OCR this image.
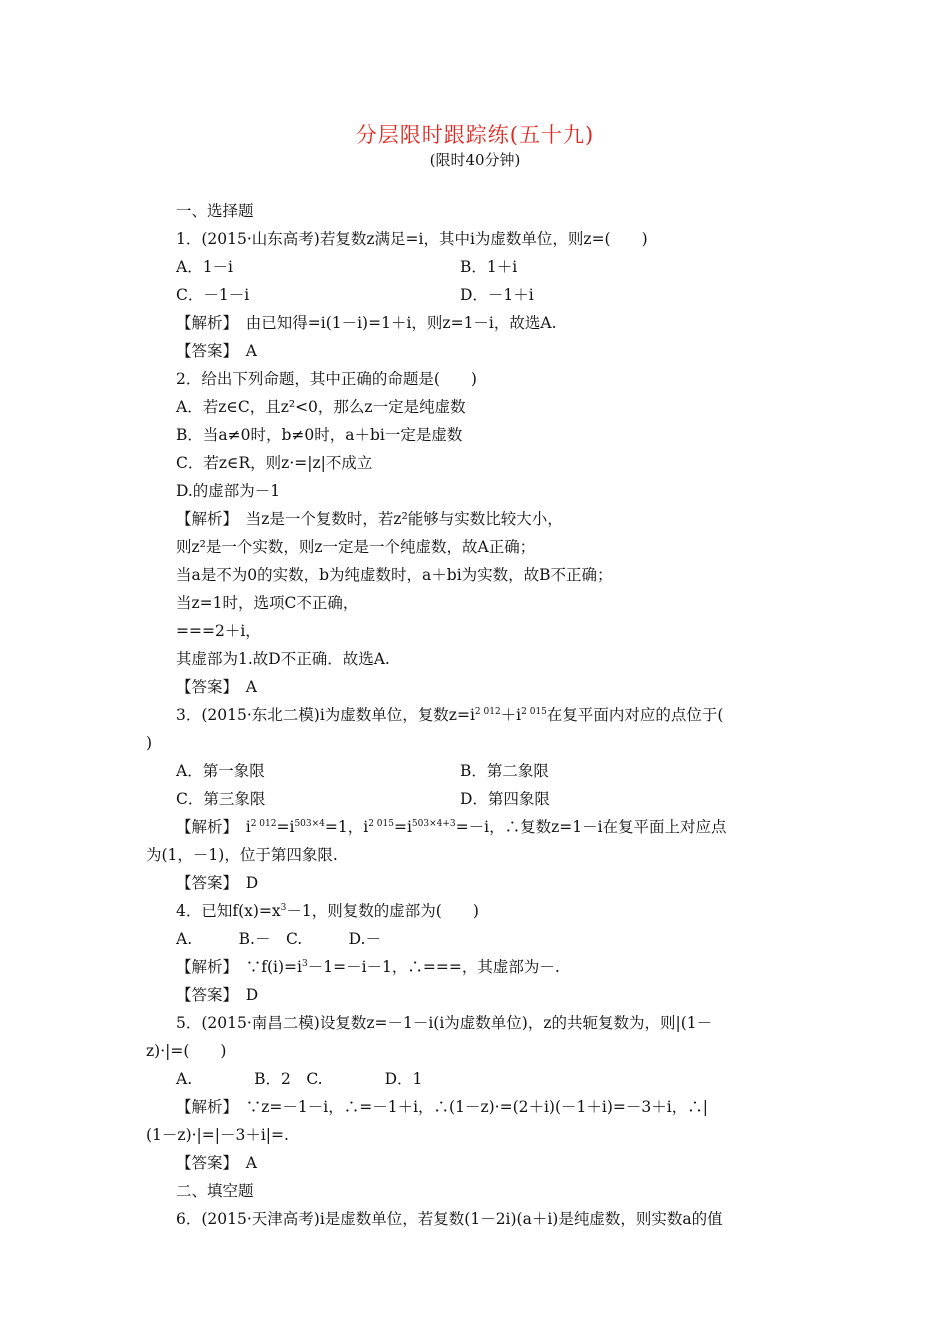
分层限时跟踪练(五十九)
(限时40分钟)
一、选择题
1．(2015·山东高考)若复数z满足=i，其中i为虚数单位，则z=(　　)
A．1－i	B．1＋i
C．－1－i	D．－1＋i
【解析】　由已知得=i(1－i)=1＋i，则z=1－i，故选A.
【答案】　A
2．给出下列命题，其中正确的命题是(　　)
A．若z∈C，且z²<0，那么z一定是纯虚数
B．当a≠0时，b≠0时，a＋bi一定是虚数
C．若z∈R，则z·=|z|不成立
D.的虚部为－1
【解析】　当z是一个复数时，若z²能够与实数比较大小，
则z²是一个实数，则z一定是一个纯虚数，故A正确；
当a是不为0的实数，b为纯虚数时，a＋bi为实数，故B不正确；
当z=1时，选项C不正确，
===2＋i，
其虚部为1.故D不正确．故选A.
【答案】　A
3．(2015·东北二模)i为虚数单位，复数$z=i^{2 012}+i^{2 015}$在复平面内对应的点位于(
)
A．第一象限	B．第二象限
C．第三象限	D．第四象限
【解析】　$i^{2 012}=i^{503\times 4}=1$，$i^{2 015}=i^{503\times 4+3}=-i$，∴复数z=1－i在复平面上对应点
为(1，－1)，位于第四象限.
【答案】　D
4．已知$f(x)=x^3-1$，则复数的虚部为(　　)
A.　　　B.－　C.　　　D.－
【解析】　$\because f(i)=i^3-1=-i-1$，∴===，其虚部为－.
【答案】　D
5．(2015·南昌二模)设复数z=－1－i(i为虚数单位)，z的共轭复数为，则|(1－
z)·|=(　　)
A.　　　　B．2　C.　　　　D．1
【解析】　∵z=－1－i，∴=－1＋i，∴(1－z)·=(2＋i)(－1＋i)=－3＋i，∴|
(1－z)·|=|－3＋i|=.
【答案】　A
二、填空题
6．(2015·天津高考)i是虚数单位，若复数(1－2i)(a＋i)是纯虚数，则实数a的值
